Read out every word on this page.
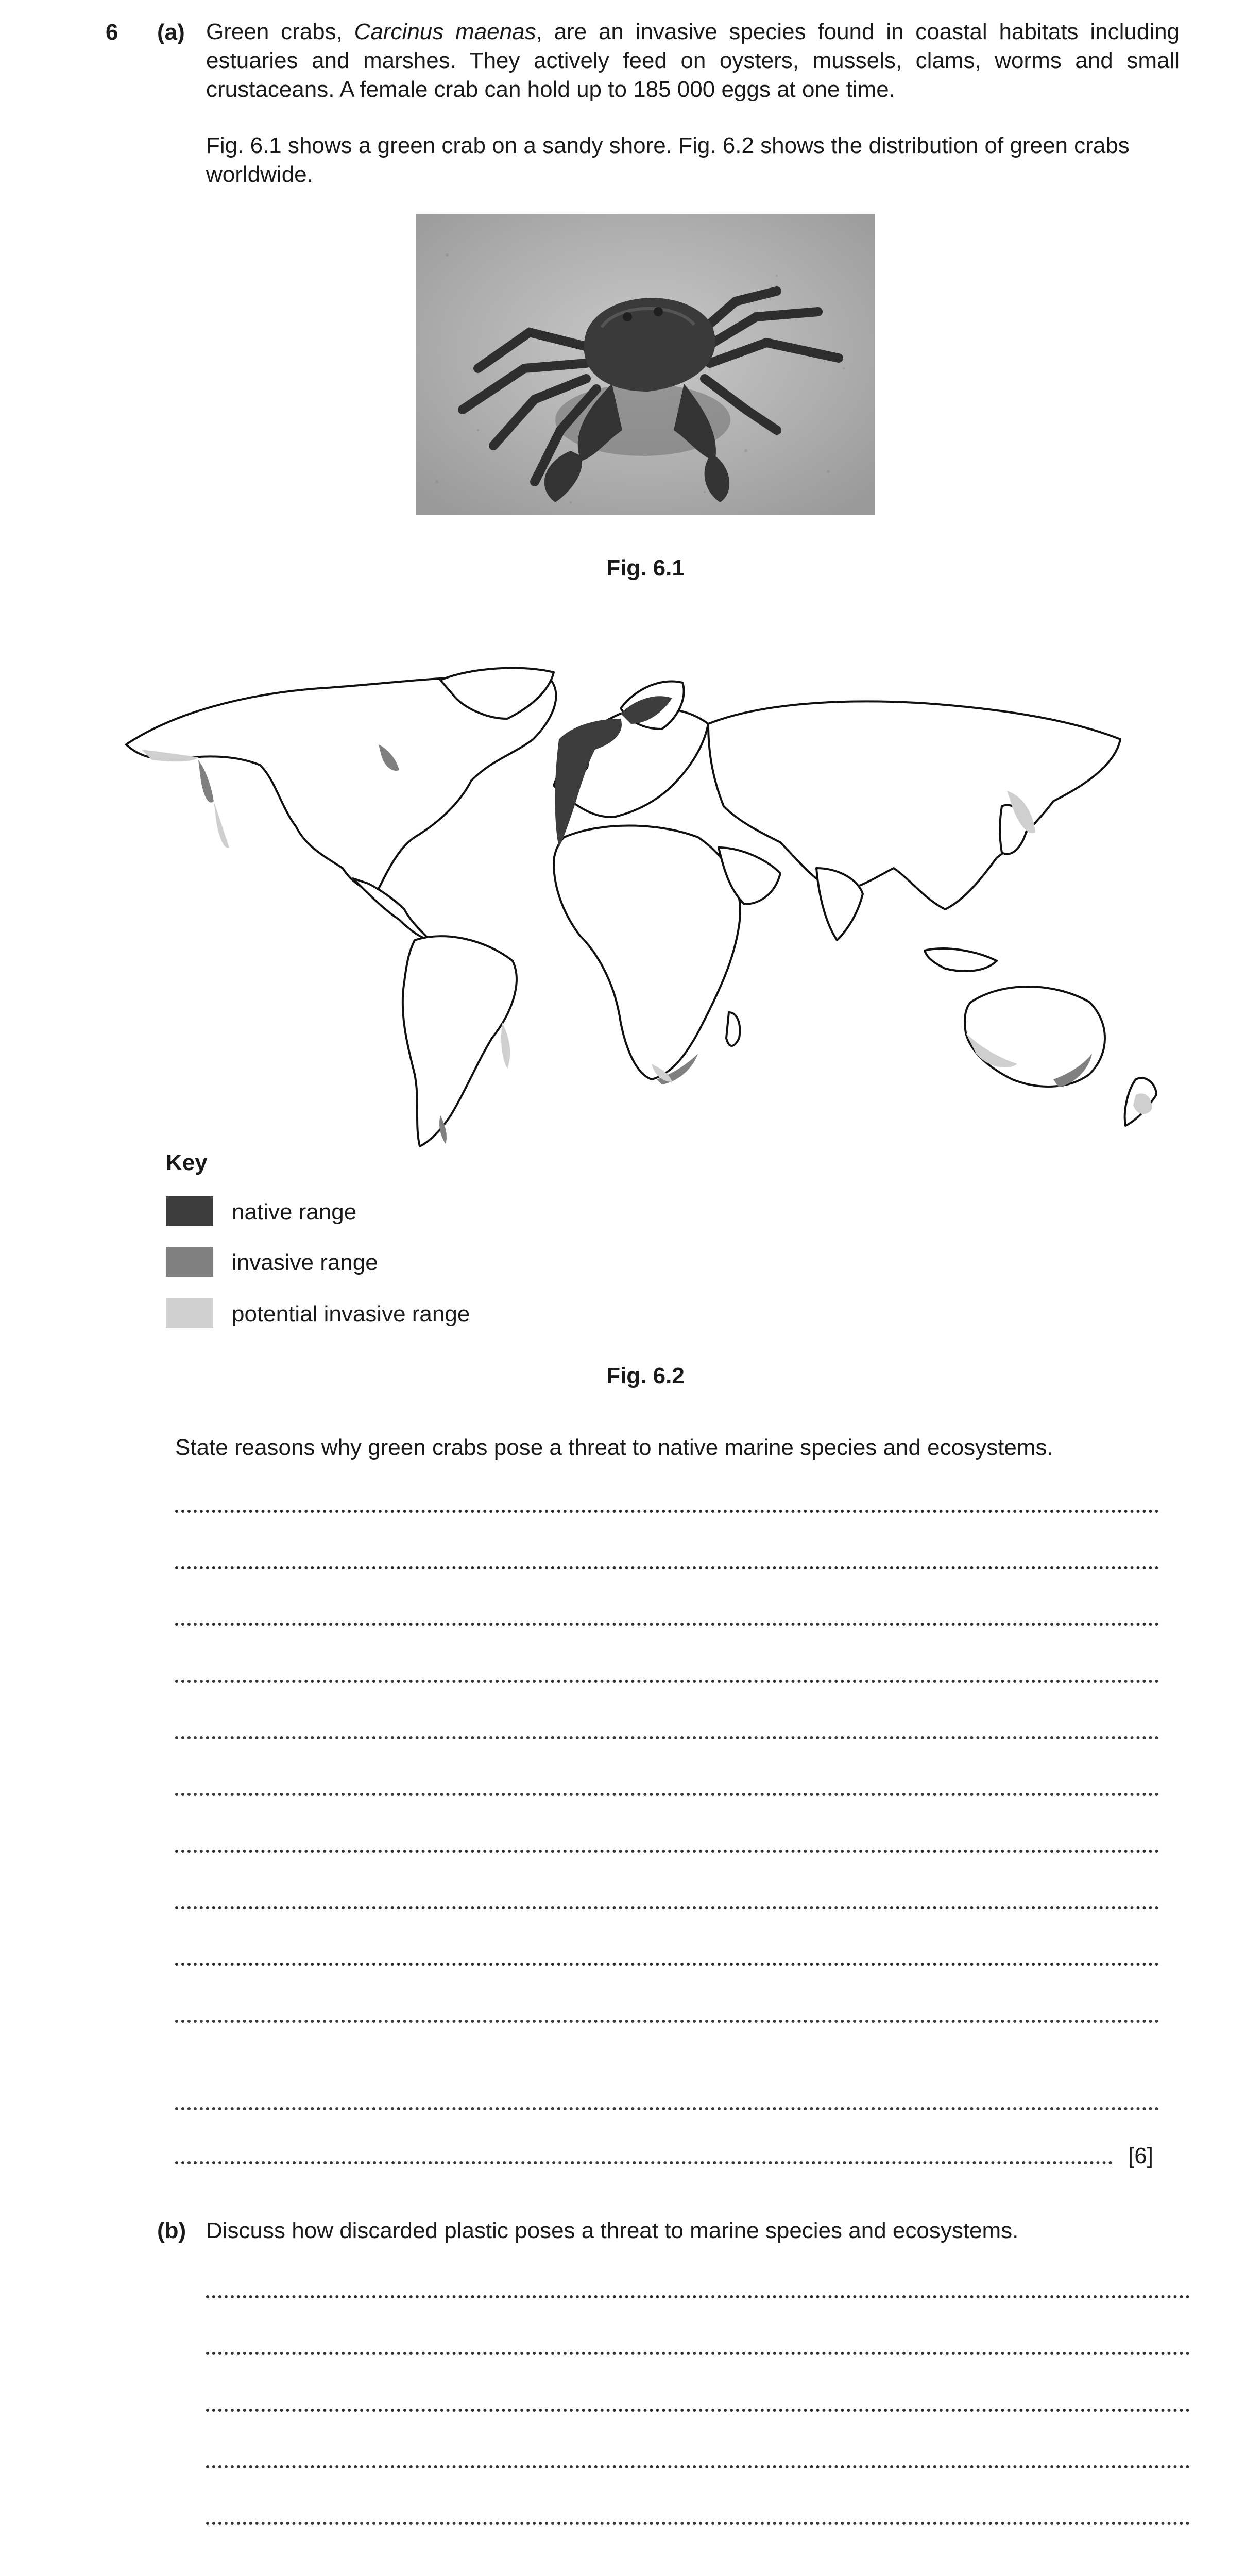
6 (a) Green crabs, Carcinus maenas, are an invasive species found in coastal habitats including estuaries and marshes. They actively feed on oysters, mussels, clams, worms and small crustaceans. A female crab can hold up to 185 000 eggs at one time.
Fig. 6.1 shows a green crab on a sandy shore. Fig. 6.2 shows the distribution of green crabs worldwide.
Fig. 6.1
Key
native range
invasive range
potential invasive range
Fig. 6.2
State reasons why green crabs pose a threat to native marine species and ecosystems.
[6]
(b) Discuss how discarded plastic poses a threat to marine species and ecosystems.
